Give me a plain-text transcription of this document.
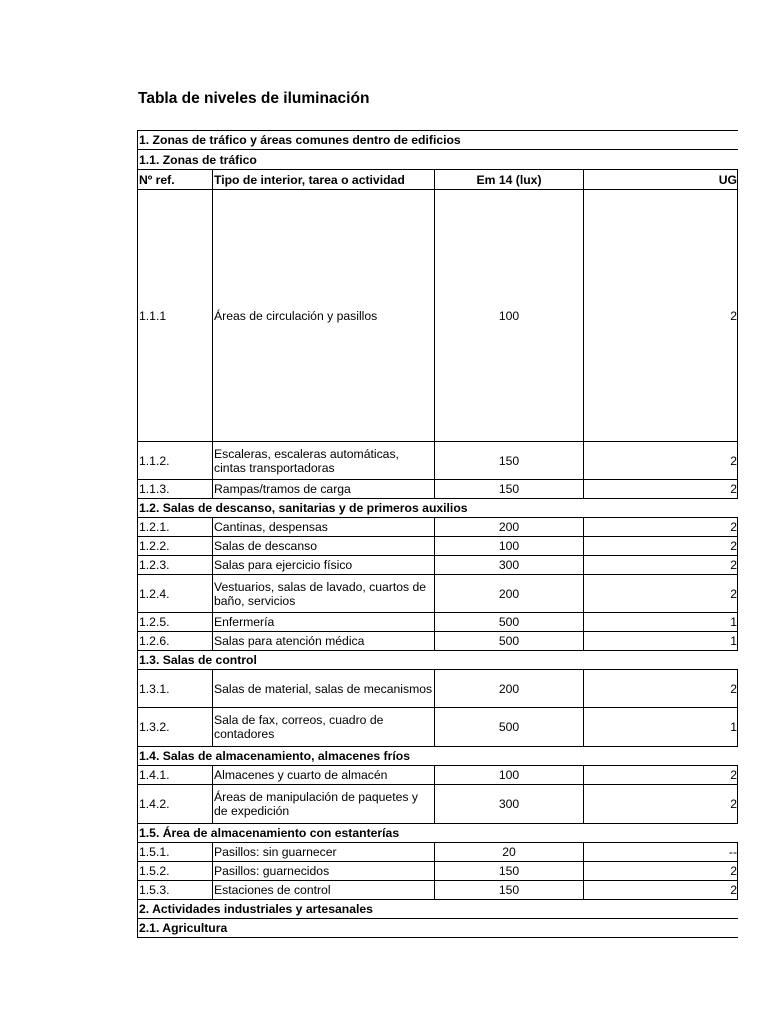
Tabla de niveles de iluminación
1. Zonas de tráfico y áreas comunes dentro de edificios			
1.1. Zonas de tráfico			
Nº ref.	Tipo de interior, tarea o actividad	Em 14 (lux)	UG
1.1.1	Áreas de circulación y pasillos	100	2
1.1.2.	Escaleras, escaleras automáticas, cintas transportadoras	150	2
1.1.3.	Rampas/tramos de carga	150	2
1.2. Salas de descanso, sanitarias y de primeros auxilios			
1.2.1.	Cantinas, despensas	200	2
1.2.2.	Salas de descanso	100	2
1.2.3.	Salas para ejercicio físico	300	2
1.2.4.	Vestuarios, salas de lavado, cuartos de baño, servicios	200	2
1.2.5.	Enfermería	500	1
1.2.6.	Salas para atención médica	500	1
1.3. Salas de control			
1.3.1.	Salas de material, salas de mecanismos	200	2
1.3.2.	Sala de fax, correos, cuadro de contadores	500	1
1.4. Salas de almacenamiento, almacenes fríos			
1.4.1.	Almacenes y cuarto de almacén	100	2
1.4.2.	Áreas de manipulación de paquetes y de expedición	300	2
1.5. Área de almacenamiento con estanterías			
1.5.1.	Pasillos: sin guarnecer	20	--
1.5.2.	Pasillos: guarnecidos	150	2
1.5.3.	Estaciones de control	150	2
2. Actividades industriales y artesanales			
2.1. Agricultura			
